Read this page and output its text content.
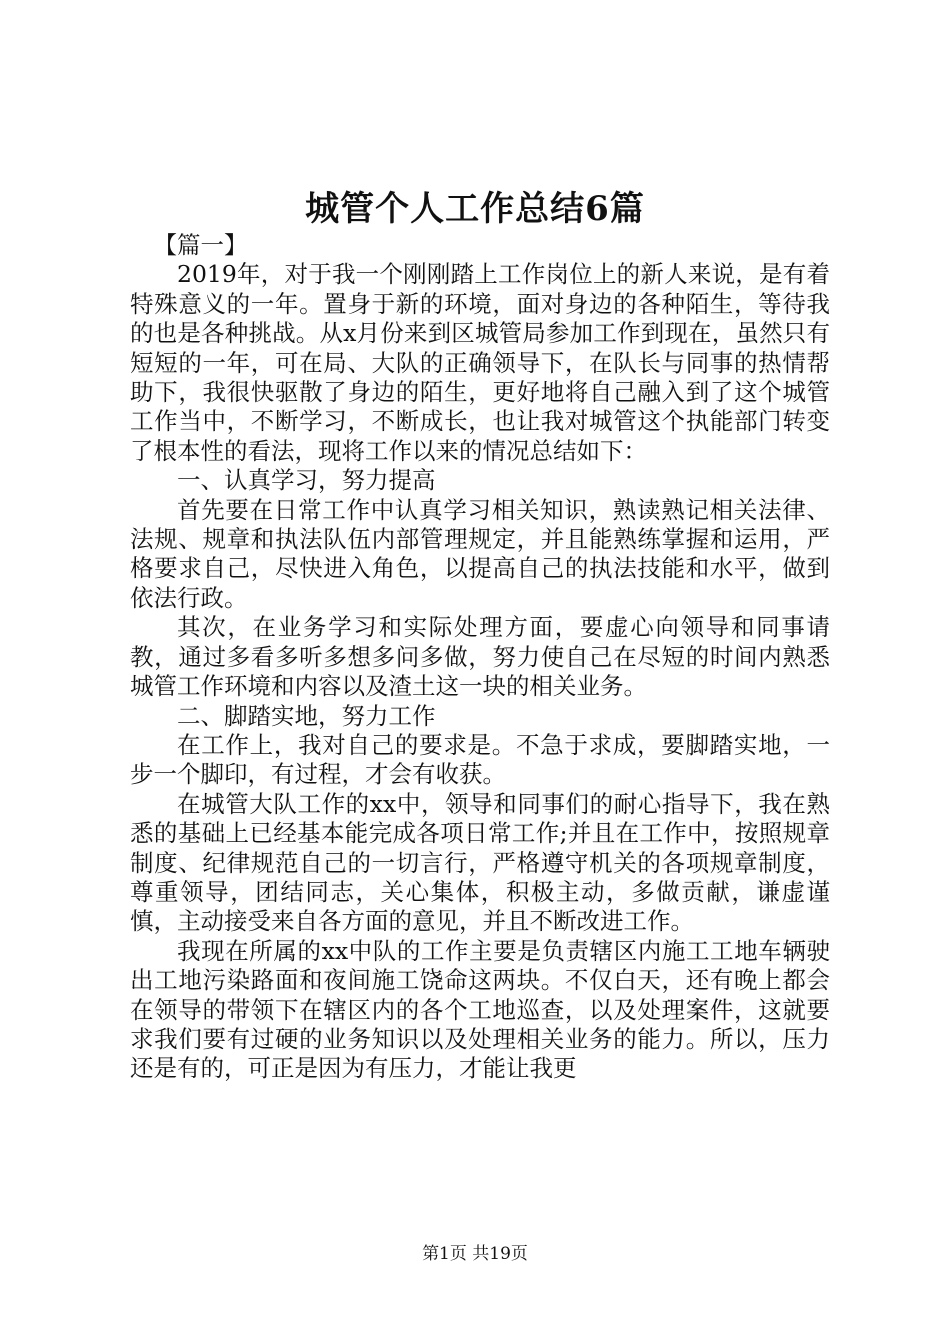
城管个人工作总结6篇

【篇一】

2019年，对于我一个刚刚踏上工作岗位上的新人来说，是有着特殊意义的一年。置身于新的环境，面对身边的各种陌生，等待我的也是各种挑战。从x月份来到区城管局参加工作到现在，虽然只有短短的一年，可在局、大队的正确领导下，在队长与同事的热情帮助下，我很快驱散了身边的陌生，更好地将自己融入到了这个城管工作当中，不断学习，不断成长，也让我对城管这个执能部门转变了根本性的看法，现将工作以来的情况总结如下：

一、认真学习，努力提高

首先要在日常工作中认真学习相关知识，熟读熟记相关法律、法规、规章和执法队伍内部管理规定，并且能熟练掌握和运用，严格要求自己，尽快进入角色，以提高自己的执法技能和水平，做到依法行政。

其次，在业务学习和实际处理方面，要虚心向领导和同事请教，通过多看多听多想多问多做，努力使自己在尽短的时间内熟悉城管工作环境和内容以及渣土这一块的相关业务。

二、脚踏实地，努力工作

在工作上，我对自己的要求是。不急于求成，要脚踏实地，一步一个脚印，有过程，才会有收获。

在城管大队工作的xx中，领导和同事们的耐心指导下，我在熟悉的基础上已经基本能完成各项日常工作;并且在工作中，按照规章制度、纪律规范自己的一切言行，严格遵守机关的各项规章制度，尊重领导，团结同志，关心集体，积极主动，多做贡献，谦虚谨慎，主动接受来自各方面的意见，并且不断改进工作。

我现在所属的xx中队的工作主要是负责辖区内施工工地车辆驶出工地污染路面和夜间施工饶命这两块。不仅白天，还有晚上都会在领导的带领下在辖区内的各个工地巡查，以及处理案件，这就要求我们要有过硬的业务知识以及处理相关业务的能力。所以，压力还是有的，可正是因为有压力，才能让我更

第1页 共19页
